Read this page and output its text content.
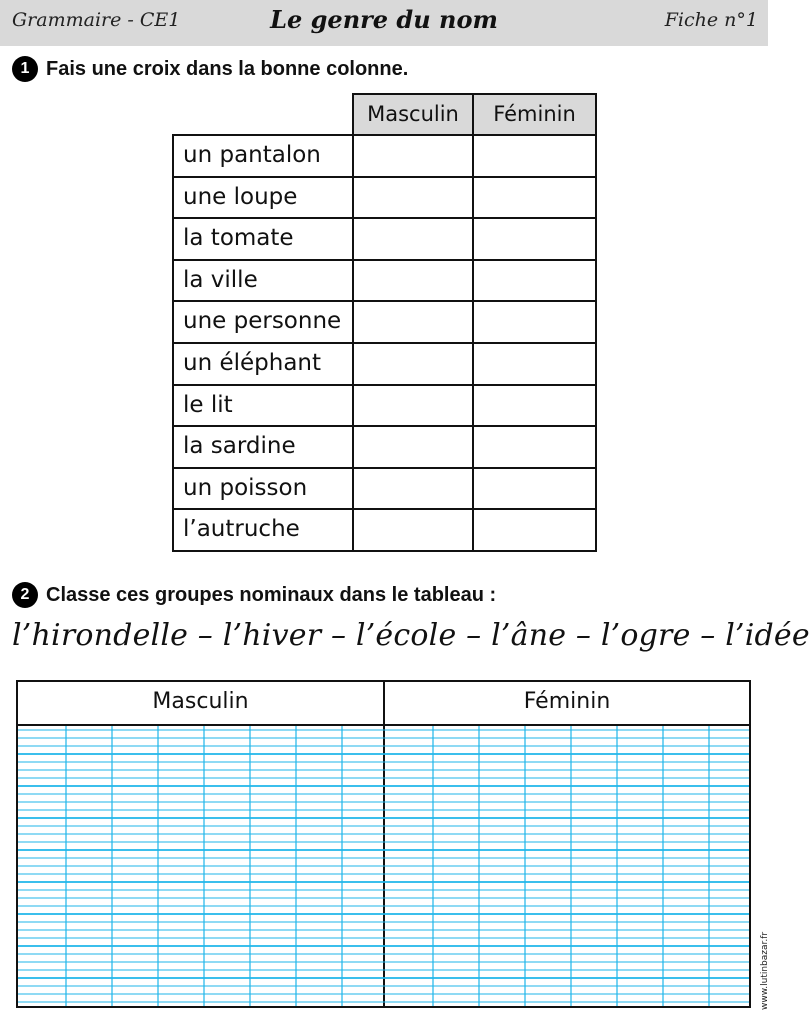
Grammaire - CE1	Le genre du nom	Fiche n°1
1 Fais une croix dans la bonne colonne.
Masculin	Féminin
un pantalon
une loupe
la tomate
la ville
une personne
un éléphant
le lit
la sardine
un poisson
l’autruche
2 Classe ces groupes nominaux dans le tableau :
l’hirondelle – l’hiver – l’école – l’âne – l’ogre – l’idée
Masculin	Féminin
www.lutinbazar.fr
